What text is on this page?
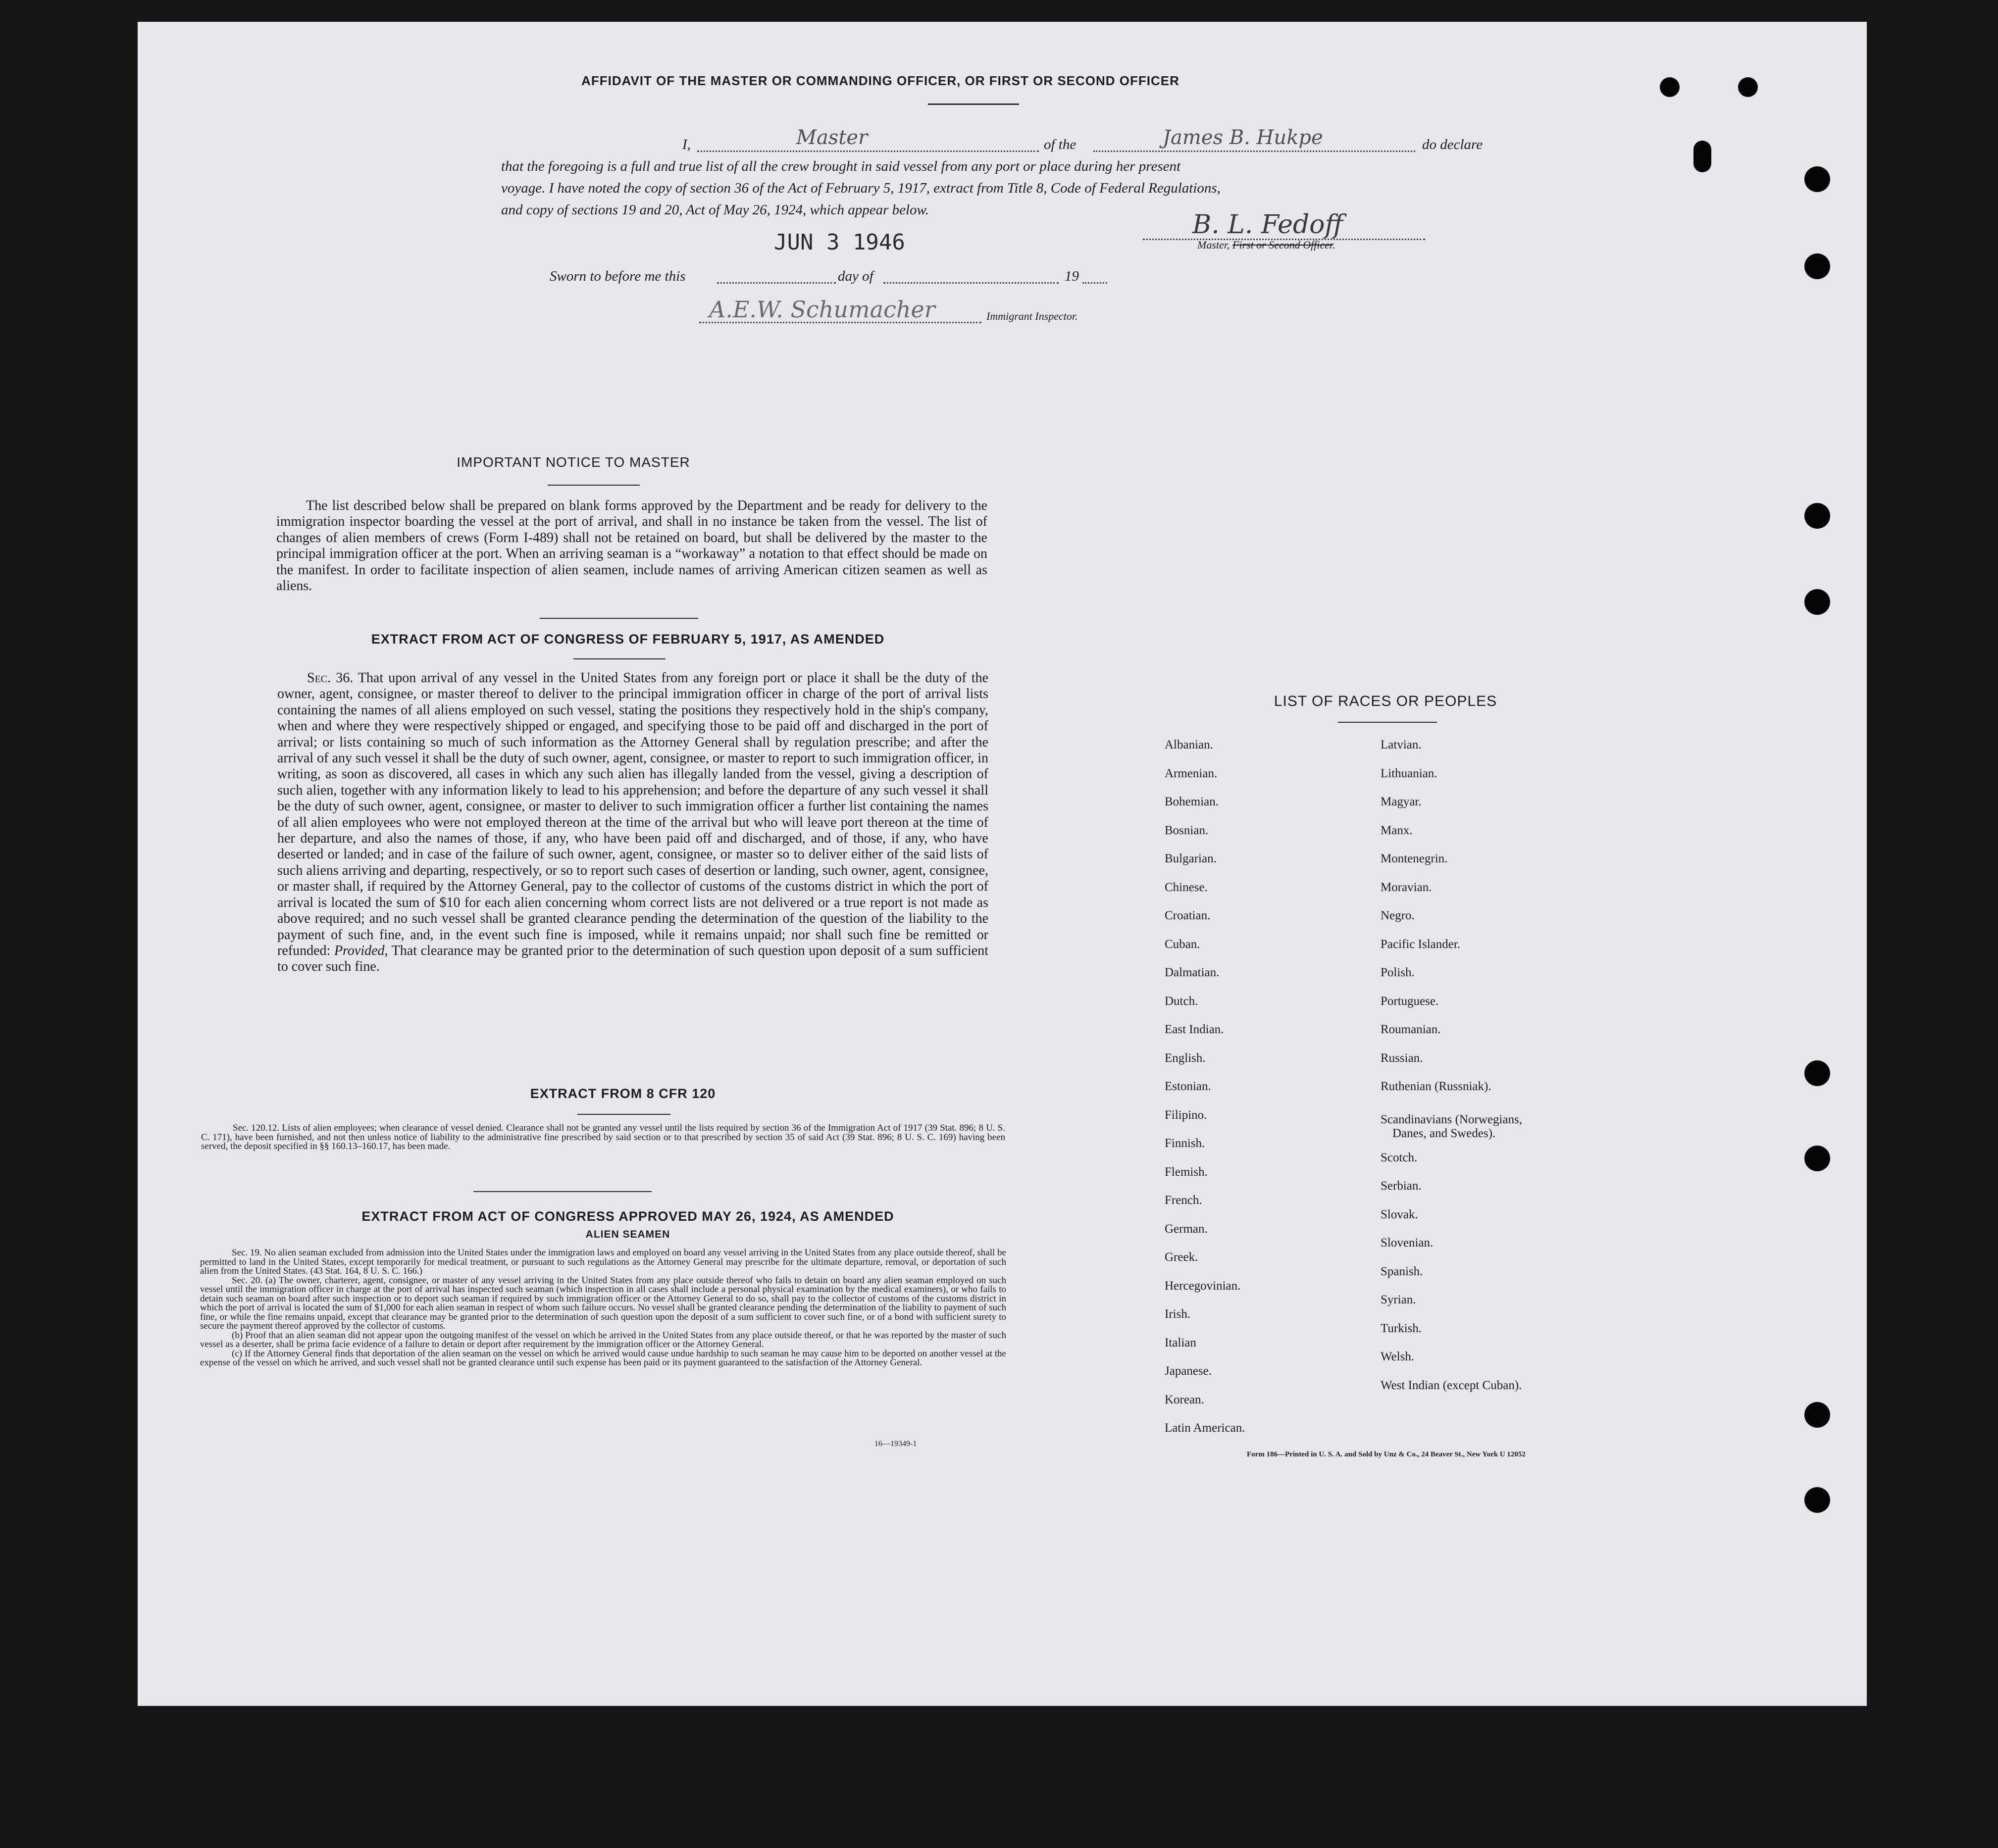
AFFIDAVIT OF THE MASTER OR COMMANDING OFFICER, OR FIRST OR SECOND OFFICER
I,	Master	of the	James B. Hukpe	do declare
that the foregoing is a full and true list of all the crew brought in said vessel from any port or place during her present
voyage. I have noted the copy of section 36 of the Act of February 5, 1917, extract from Title 8, Code of Federal Regulations,
and copy of sections 19 and 20, Act of May 26, 1924, which appear below.	B. L. Fedoff
Master, First or Second Officer.
JUN 3 1946
Sworn to before me this	day of	19
A.E.W. Schumacher	Immigrant Inspector.
IMPORTANT NOTICE TO MASTER
The list described below shall be prepared on blank forms approved by the Department and be ready for delivery to the immigration inspector boarding the vessel at the port of arrival, and shall in no instance be taken from the vessel. The list of changes of alien members of crews (Form I-489) shall not be retained on board, but shall be delivered by the master to the principal immigration officer at the port. When an arriving seaman is a “workaway” a notation to that effect should be made on the manifest. In order to facilitate inspection of alien seamen, include names of arriving American citizen seamen as well as aliens.
EXTRACT FROM ACT OF CONGRESS OF FEBRUARY 5, 1917, AS AMENDED
Sec. 36. That upon arrival of any vessel in the United States from any foreign port or place it shall be the duty of the owner, agent, consignee, or master thereof to deliver to the principal immigration officer in charge of the port of arrival lists containing the names of all aliens employed on such vessel, stating the positions they respectively hold in the ship's company, when and where they were respectively shipped or engaged, and specifying those to be paid off and discharged in the port of arrival; or lists containing so much of such information as the Attorney General shall by regulation prescribe; and after the arrival of any such vessel it shall be the duty of such owner, agent, consignee, or master to report to such immigration officer, in writing, as soon as discovered, all cases in which any such alien has illegally landed from the vessel, giving a description of such alien, together with any information likely to lead to his apprehension; and before the departure of any such vessel it shall be the duty of such owner, agent, consignee, or master to deliver to such immigration officer a further list containing the names of all alien employees who were not employed thereon at the time of the arrival but who will leave port thereon at the time of her departure, and also the names of those, if any, who have been paid off and discharged, and of those, if any, who have deserted or landed; and in case of the failure of such owner, agent, consignee, or master so to deliver either of the said lists of such aliens arriving and departing, respectively, or so to report such cases of desertion or landing, such owner, agent, consignee, or master shall, if required by the Attorney General, pay to the collector of customs of the customs district in which the port of arrival is located the sum of $10 for each alien concerning whom correct lists are not delivered or a true report is not made as above required; and no such vessel shall be granted clearance pending the determination of the question of the liability to the payment of such fine, and, in the event such fine is imposed, while it remains unpaid; nor shall such fine be remitted or refunded: Provided, That clearance may be granted prior to the determination of such question upon deposit of a sum sufficient to cover such fine.
EXTRACT FROM 8 CFR 120
Sec. 120.12. Lists of alien employees; when clearance of vessel denied. Clearance shall not be granted any vessel until the lists required by section 36 of the Immigration Act of 1917 (39 Stat. 896; 8 U. S. C. 171), have been furnished, and not then unless notice of liability to the administrative fine prescribed by said section or to that prescribed by section 35 of said Act (39 Stat. 896; 8 U. S. C. 169) having been served, the deposit specified in §§ 160.13–160.17, has been made.
EXTRACT FROM ACT OF CONGRESS APPROVED MAY 26, 1924, AS AMENDED
ALIEN SEAMEN
Sec. 19. No alien seaman excluded from admission into the United States under the immigration laws and employed on board any vessel arriving in the United States from any place outside thereof, shall be permitted to land in the United States, except temporarily for medical treatment, or pursuant to such regulations as the Attorney General may prescribe for the ultimate departure, removal, or deportation of such alien from the United States. (43 Stat. 164, 8 U. S. C. 166.)
Sec. 20. (a) The owner, charterer, agent, consignee, or master of any vessel arriving in the United States from any place outside thereof who fails to detain on board any alien seaman employed on such vessel until the immigration officer in charge at the port of arrival has inspected such seaman (which inspection in all cases shall include a personal physical examination by the medical examiners), or who fails to detain such seaman on board after such inspection or to deport such seaman if required by such immigration officer or the Attorney General to do so, shall pay to the collector of customs of the customs district in which the port of arrival is located the sum of $1,000 for each alien seaman in respect of whom such failure occurs. No vessel shall be granted clearance pending the determination of the liability to payment of such fine, or while the fine remains unpaid, except that clearance may be granted prior to the determination of such question upon the deposit of a sum sufficient to cover such fine, or of a bond with sufficient surety to secure the payment thereof approved by the collector of customs.
(b) Proof that an alien seaman did not appear upon the outgoing manifest of the vessel on which he arrived in the United States from any place outside thereof, or that he was reported by the master of such vessel as a deserter, shall be prima facie evidence of a failure to detain or deport after requirement by the immigration officer or the Attorney General.
(c) If the Attorney General finds that deportation of the alien seaman on the vessel on which he arrived would cause undue hardship to such seaman he may cause him to be deported on another vessel at the expense of the vessel on which he arrived, and such vessel shall not be granted clearance until such expense has been paid or its payment guaranteed to the satisfaction of the Attorney General.
16—19349-1
LIST OF RACES OR PEOPLES
Albanian.
Armenian.
Bohemian.
Bosnian.
Bulgarian.
Chinese.
Croatian.
Cuban.
Dalmatian.
Dutch.
East Indian.
English.
Estonian.
Filipino.
Finnish.
Flemish.
French.
German.
Greek.
Hercegovinian.
Irish.
Italian
Japanese.
Korean.
Latin American.
Latvian.
Lithuanian.
Magyar.
Manx.
Montenegrin.
Moravian.
Negro.
Pacific Islander.
Polish.
Portuguese.
Roumanian.
Russian.
Ruthenian (Russniak).
Scandinavians (Norwegians,
Danes, and Swedes).
Scotch.
Serbian.
Slovak.
Slovenian.
Spanish.
Syrian.
Turkish.
Welsh.
West Indian (except Cuban).
Form 186—Printed in U. S. A. and Sold by Unz & Co., 24 Beaver St., New York U 12052
